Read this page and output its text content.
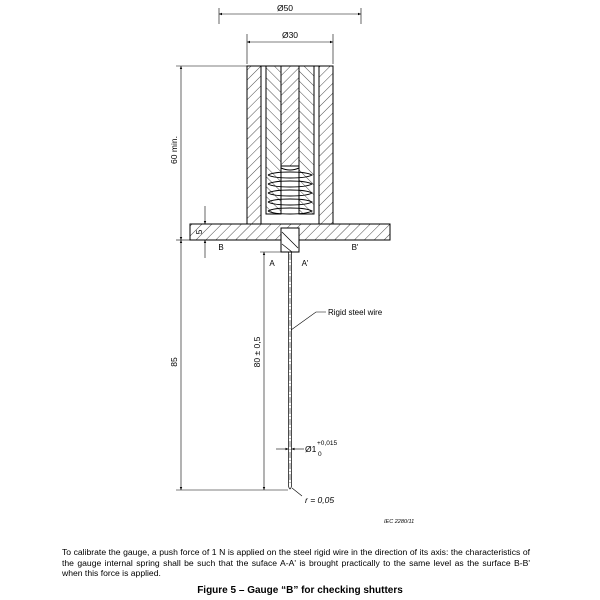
Ø50
Ø30
60 min.
5
85	80 ± 0,5
Ø1
+0,015
0
r = 0,05
B	B'
A	A'
Rigid steel wire
IEC 2280/11
To calibrate the gauge, a push force of 1 N is applied on the steel rigid wire in the direction of its axis: the characteristics of the gauge internal spring shall be such that the suface A-A' is brought practically to the same level as the surface B-B' when this force is applied.
Figure 5 – Gauge “B” for checking shutters
